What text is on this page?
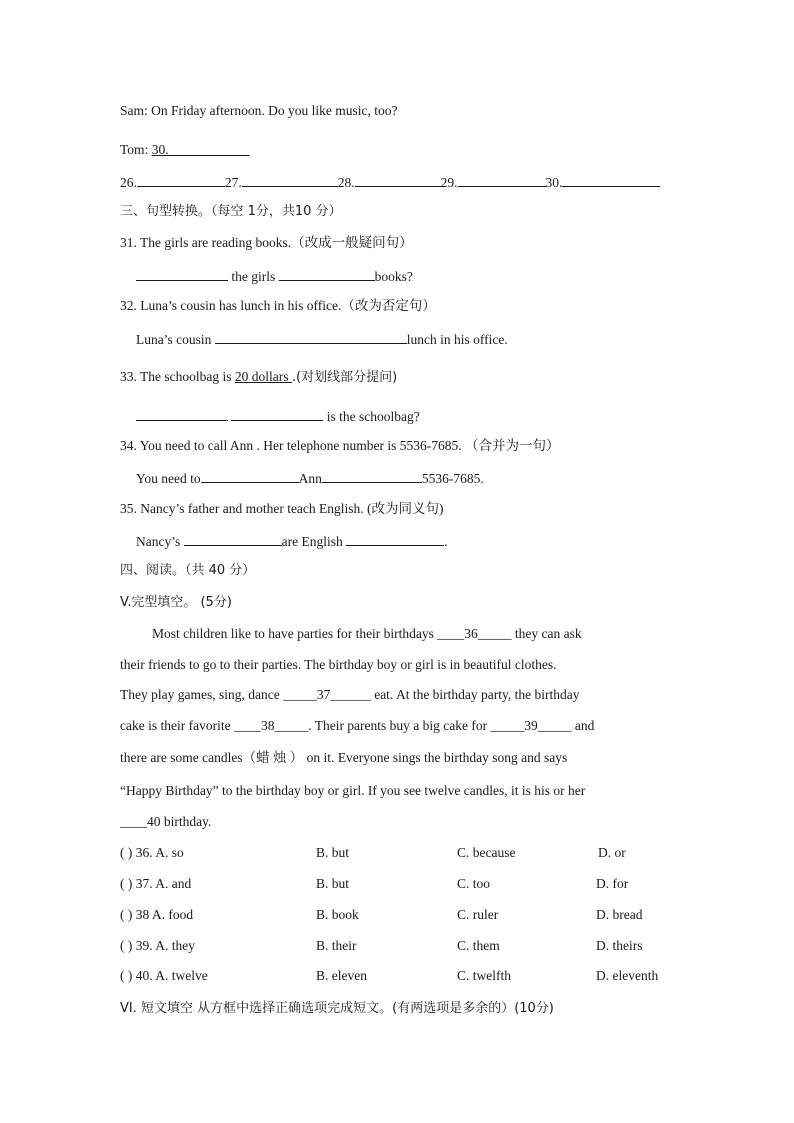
Sam: On Friday afternoon. Do you like music, too?
Tom: 30.
26.	27.	28.	29.	30.
三、句型转换。（每空 1分，共10 分）
31. The girls are reading books.（改成一般疑问句）
the girls	books?
32. Luna’s cousin has lunch in his office.（改为否定句）
Luna’s cousin	lunch in his office.
33. The schoolbag is 20 dollars .(对划线部分提问)
is the schoolbag?
34. You need to call Ann . Her telephone number is 5536-7685. （合并为一句）
You need to	Ann	5536-7685.
35. Nancy’s father and mother teach English. (改为同义句)
Nancy’s	are English	.
四、阅读。（共 40 分）
V.完型填空。 (5分)
Most children like to have parties for their birthdays ____36_____ they can ask
their friends to go to their parties. The birthday boy or girl is in beautiful clothes.
They play games, sing, dance _____37______ eat. At the birthday party, the birthday
cake is their favorite ____38_____. Their parents buy a big cake for _____39_____ and
there are some candles（蜡 烛 ） on it. Everyone sings the birthday song and says
“Happy Birthday” to the birthday boy or girl. If you see twelve candles, it is his or her
____40 birthday.
( ) 36. A. so	B. but	C. because	D. or
( ) 37. A. and	B. but	C. too	D. for
( ) 38 A. food	B. book	C. ruler	D. bread
( ) 39. A. they	B. their	C. them	D. theirs
( ) 40. A. twelve	B. eleven	C. twelfth	D. eleventh
VI. 短文填空 从方框中选择正确选项完成短文。(有两选项是多余的）(10分)
